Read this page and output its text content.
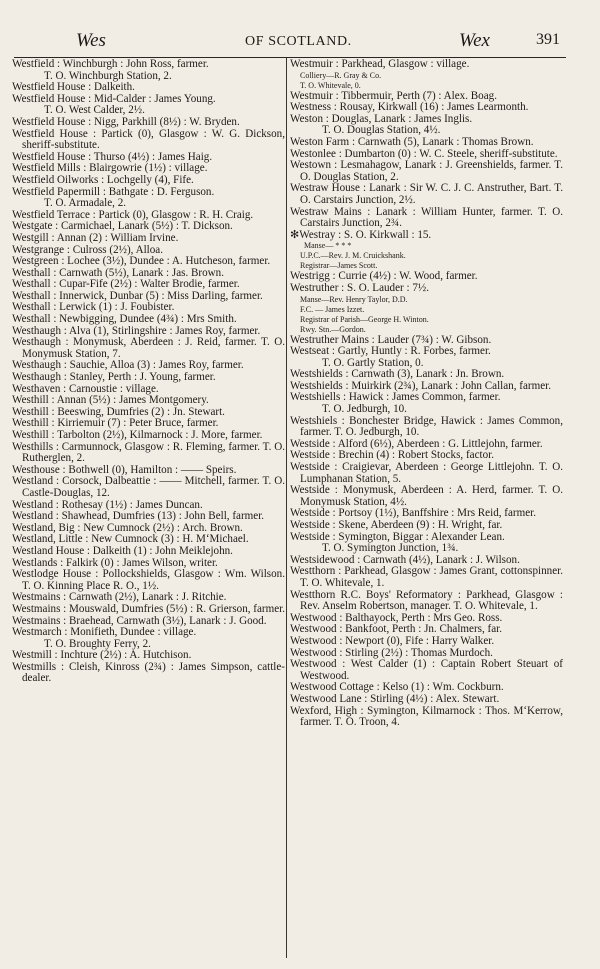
Wes	OF SCOTLAND.	Wex	391
Westfield : Winchburgh : John Ross, farmer.
T. O. Winchburgh Station, 2.
Westfield House : Dalkeith.
Westfield House : Mid-Calder : James Young.
T. O. West Calder, 2½.
Westfield House : Nigg, Parkhill (8½) : W. Bryden.
Westfield House : Partick (0), Glasgow : W. G. Dickson, sheriff-substitute.
Westfield House : Thurso (4½) : James Haig.
Westfield Mills : Blairgowrie (1½) : village.
Westfield Oilworks : Lochgelly (4), Fife.
Westfield Papermill : Bathgate : D. Ferguson.
T. O. Armadale, 2.
Westfield Terrace : Partick (0), Glasgow : R. H. Craig.
Westgate : Carmichael, Lanark (5½) : T. Dickson.
Westgill : Annan (2) : William Irvine.
Westgrange : Culross (2½), Alloa.
Westgreen : Lochee (3½), Dundee : A. Hutcheson, farmer.
Westhall : Carnwath (5½), Lanark : Jas. Brown.
Westhall : Cupar-Fife (2½) : Walter Brodie, farmer.
Westhall : Innerwick, Dunbar (5) : Miss Darling, farmer.
Westhall : Lerwick (1) : J. Foubister.
Westhall : Newbigging, Dundee (4¾) : Mrs Smith.
Westhaugh : Alva (1), Stirlingshire : James Roy, farmer.
Westhaugh : Monymusk, Aberdeen : J. Reid, farmer. T. O. Monymusk Station, 7.
Westhaugh : Sauchie, Alloa (3) : James Roy, farmer.
Westhaugh : Stanley, Perth : J. Young, farmer.
Westhaven : Carnoustie : village.
Westhill : Annan (5½) : James Montgomery.
Westhill : Beeswing, Dumfries (2) : Jn. Stewart.
Westhill : Kirriemuir (7) : Peter Bruce, farmer.
Westhill : Tarbolton (2½), Kilmarnock : J. More, farmer.
Westhills : Carmunnock, Glasgow : R. Fleming, farmer. T. O. Rutherglen, 2.
Westhouse : Bothwell (0), Hamilton : —— Speirs.
Westland : Corsock, Dalbeattie : —— Mitchell, farmer. T. O. Castle-Douglas, 12.
Westland : Rothesay (1½) : James Duncan.
Westland : Shawhead, Dumfries (13) : John Bell, farmer.
Westland, Big : New Cumnock (2½) : Arch. Brown.
Westland, Little : New Cumnock (3) : H. M‘Michael.
Westland House : Dalkeith (1) : John Meiklejohn.
Westlands : Falkirk (0) : James Wilson, writer.
Westlodge House : Pollockshields, Glasgow : Wm. Wilson. T. O. Kinning Place R. O., 1½.
Westmains : Carnwath (2½), Lanark : J. Ritchie.
Westmains : Mouswald, Dumfries (5½) : R. Grierson, farmer.
Westmains : Braehead, Carnwath (3½), Lanark : J. Good.
Westmarch : Monifieth, Dundee : village.
T. O. Broughty Ferry, 2.
Westmill : Inchture (2½) : A. Hutchison.
Westmills : Cleish, Kinross (2¾) : James Simpson, cattle-dealer.
Westmuir : Parkhead, Glasgow : village.
Colliery—R. Gray & Co.
T. O. Whitevale, 0.
Westmuir : Tibbermuir, Perth (7) : Alex. Boag.
Westness : Rousay, Kirkwall (16) : James Learmonth.
Weston : Douglas, Lanark : James Inglis.
T. O. Douglas Station, 4½.
Weston Farm : Carnwath (5), Lanark : Thomas Brown.
Westonlee : Dumbarton (0) : W. C. Steele, sheriff-substitute.
Westown : Lesmahagow, Lanark : J. Greenshields, farmer. T. O. Douglas Station, 2.
Westraw House : Lanark : Sir W. C. J. C. Anstruther, Bart. T. O. Carstairs Junction, 2½.
Westraw Mains : Lanark : William Hunter, farmer. T. O. Carstairs Junction, 2¾.
✻Westray : S. O. Kirkwall : 15.
Manse— * * *
U.P.C.—Rev. J. M. Cruickshank.
Registrar—James Scott.
Westrigg : Currie (4½) : W. Wood, farmer.
Westruther : S. O. Lauder : 7½.
Manse—Rev. Henry Taylor, D.D.
F.C. — James Izzet.
Registrar of Parish—George H. Winton.
Rwy. Stn.—Gordon.
Westruther Mains : Lauder (7¾) : W. Gibson.
Westseat : Gartly, Huntly : R. Forbes, farmer.
T. O. Gartly Station, 0.
Westshields : Carnwath (3), Lanark : Jn. Brown.
Westshields : Muirkirk (2¾), Lanark : John Callan, farmer.
Westshiells : Hawick : James Common, farmer.
T. O. Jedburgh, 10.
Westshiels : Bonchester Bridge, Hawick : James Common, farmer. T. O. Jedburgh, 10.
Westside : Alford (6½), Aberdeen : G. Littlejohn, farmer.
Westside : Brechin (4) : Robert Stocks, factor.
Westside : Craigievar, Aberdeen : George Littlejohn. T. O. Lumphanan Station, 5.
Westside : Monymusk, Aberdeen : A. Herd, farmer. T. O. Monymusk Station, 4½.
Westside : Portsoy (1½), Banffshire : Mrs Reid, farmer.
Westside : Skene, Aberdeen (9) : H. Wright, far.
Westside : Symington, Biggar : Alexander Lean.
T. O. Symington Junction, 1¾.
Westsidewood : Carnwath (4½), Lanark : J. Wilson.
Westthorn : Parkhead, Glasgow : James Grant, cottonspinner. T. O. Whitevale, 1.
Westthorn R.C. Boys' Reformatory : Parkhead, Glasgow : Rev. Anselm Robertson, manager. T. O. Whitevale, 1.
Westwood : Balthayock, Perth : Mrs Geo. Ross.
Westwood : Bankfoot, Perth : Jn. Chalmers, far.
Westwood : Newport (0), Fife : Harry Walker.
Westwood : Stirling (2½) : Thomas Murdoch.
Westwood : West Calder (1) : Captain Robert Steuart of Westwood.
Westwood Cottage : Kelso (1) : Wm. Cockburn.
Westwood Lane : Stirling (4½) : Alex. Stewart.
Wexford, High : Symington, Kilmarnock : Thos. M‘Kerrow, farmer. T. O. Troon, 4.
